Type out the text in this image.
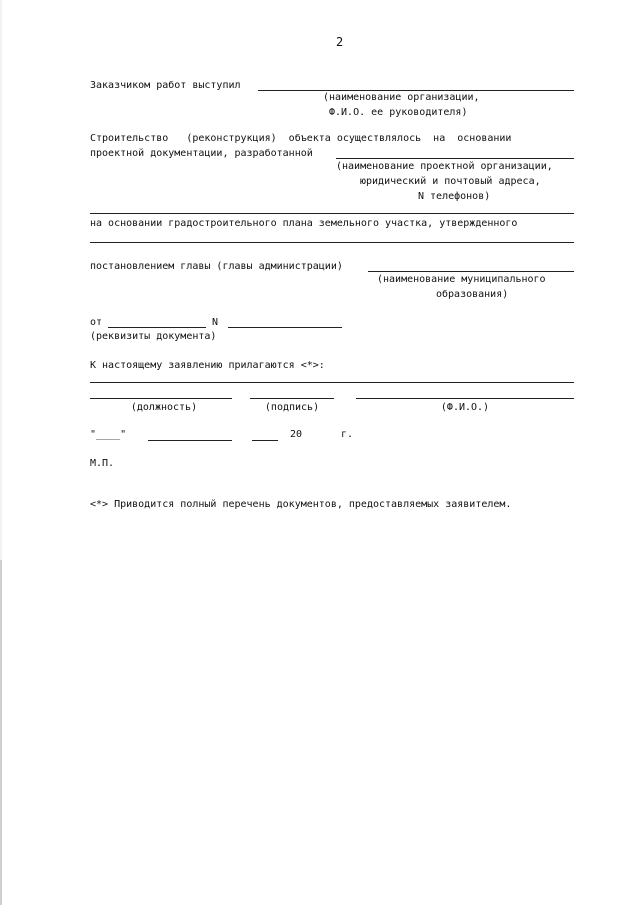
2
Заказчиком работ выступил
(наименование организации,
Ф.И.О. ее руководителя)
Строительство   (реконструкция)  объекта осуществлялось  на  основании
проектной документации, разработанной
(наименование проектной организации,
юридический и почтовый адреса,
N телефонов)
на основании градостроительного плана земельного участка, утвержденного
постановлением главы (главы администрации)
(наименование муниципального
образования)
от	N
(реквизиты документа)
К настоящему заявлению прилагаются <*>:
(должность)	(подпись)	(Ф.И.О.)
"____"	20	г.
М.П.
<*> Приводится полный перечень документов, предоставляемых заявителем.
